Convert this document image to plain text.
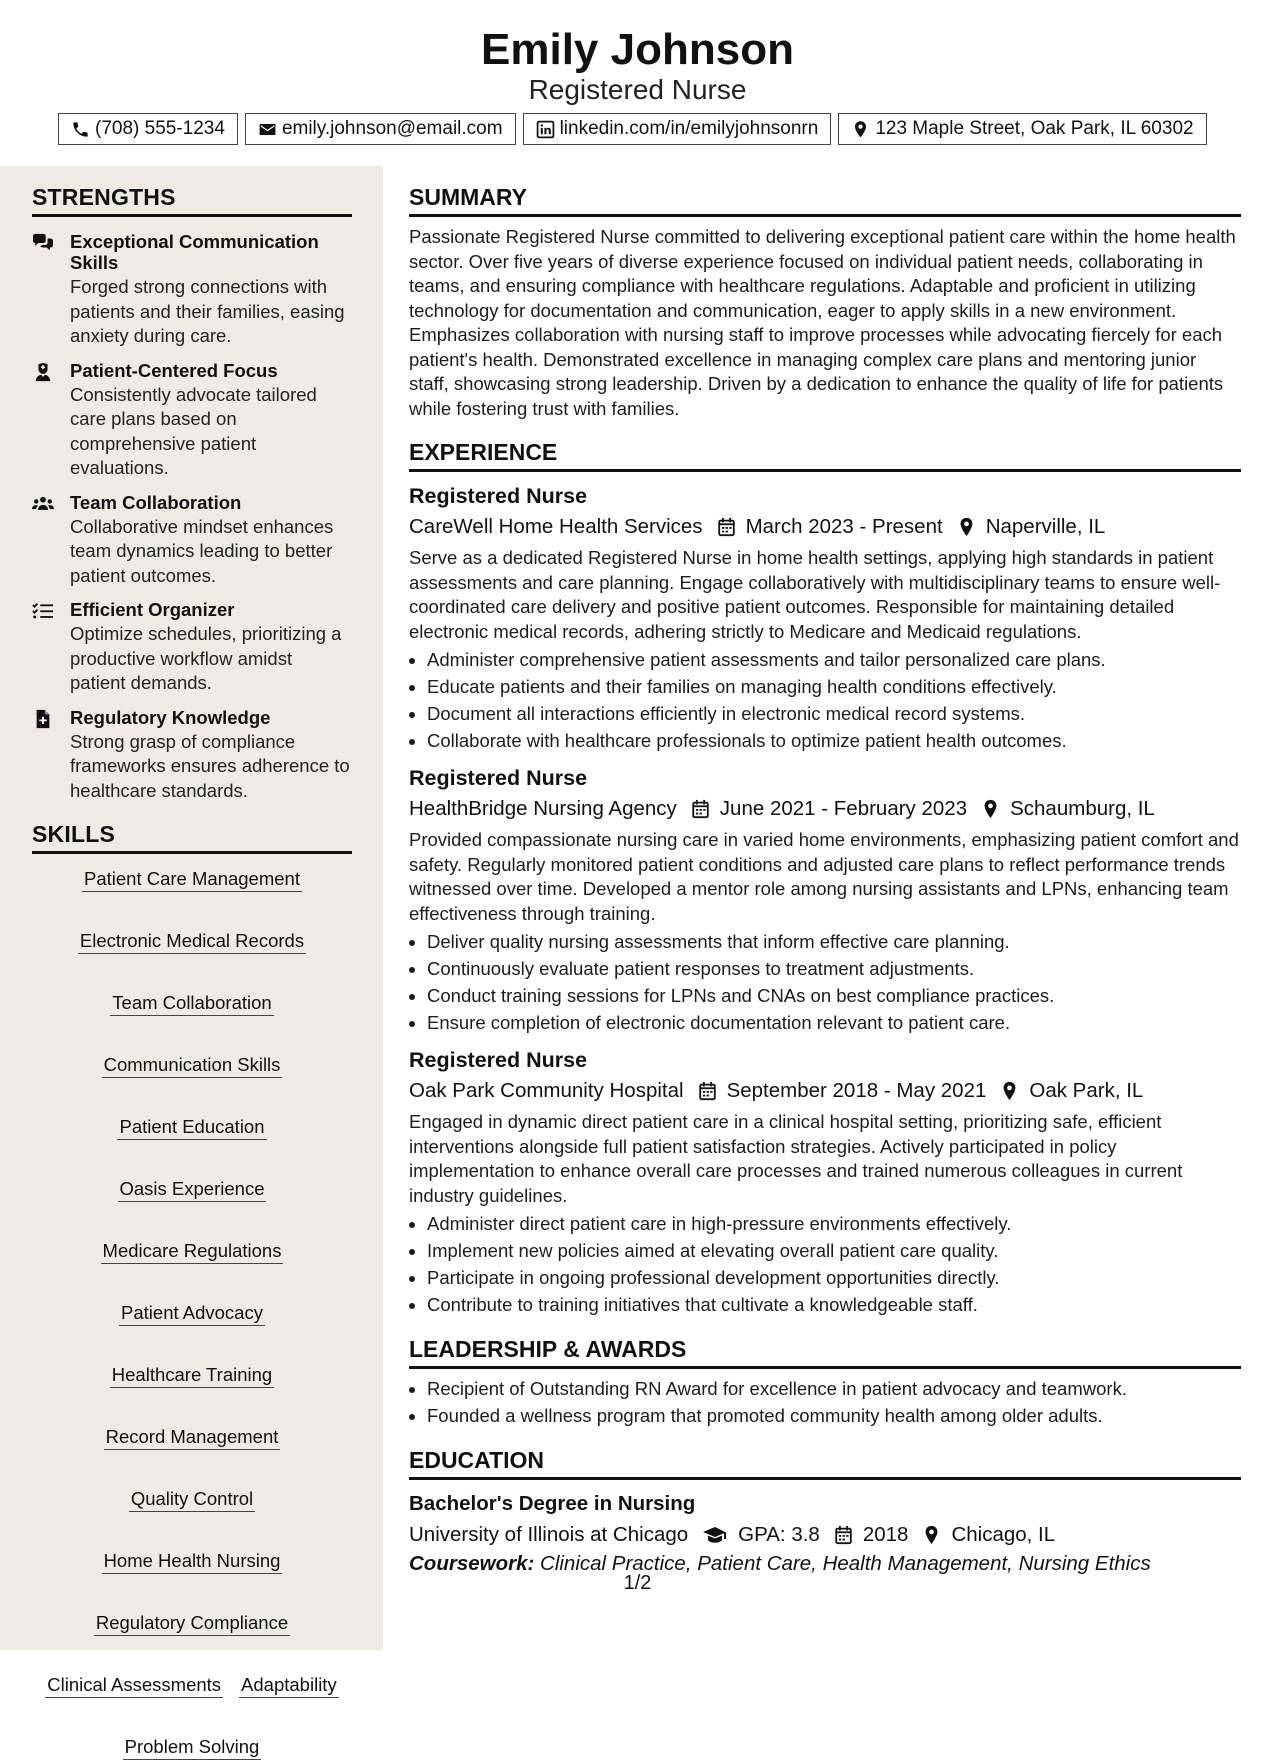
Emily Johnson
Registered Nurse
(708) 555-1234	emily.johnson@email.com	linkedin.com/in/emilyjohnsonrn	123 Maple Street, Oak Park, IL 60302
STRENGTHS
Exceptional Communication Skills
Forged strong connections with patients and their families, easing anxiety during care.
Patient-Centered Focus
Consistently advocate tailored care plans based on comprehensive patient evaluations.
Team Collaboration
Collaborative mindset enhances team dynamics leading to better patient outcomes.
Efficient Organizer
Optimize schedules, prioritizing a productive workflow amidst patient demands.
Regulatory Knowledge
Strong grasp of compliance frameworks ensures adherence to healthcare standards.
SKILLS
Patient Care Management
Electronic Medical Records
Team Collaboration
Communication Skills
Patient Education
Oasis Experience
Medicare Regulations
Patient Advocacy
Healthcare Training
Record Management
Quality Control
Home Health Nursing
Regulatory Compliance
Clinical Assessments Adaptability
Problem Solving
SUMMARY
Passionate Registered Nurse committed to delivering exceptional patient care within the home health sector. Over five years of diverse experience focused on individual patient needs, collaborating in teams, and ensuring compliance with healthcare regulations. Adaptable and proficient in utilizing technology for documentation and communication, eager to apply skills in a new environment. Emphasizes collaboration with nursing staff to improve processes while advocating fiercely for each patient's health. Demonstrated excellence in managing complex care plans and mentoring junior staff, showcasing strong leadership. Driven by a dedication to enhance the quality of life for patients while fostering trust with families.
EXPERIENCE
Registered Nurse
CareWell Home Health Services March 2023 - Present Naperville, IL
Serve as a dedicated Registered Nurse in home health settings, applying high standards in patient assessments and care planning. Engage collaboratively with multidisciplinary teams to ensure well-coordinated care delivery and positive patient outcomes. Responsible for maintaining detailed electronic medical records, adhering strictly to Medicare and Medicaid regulations.
• Administer comprehensive patient assessments and tailor personalized care plans.
• Educate patients and their families on managing health conditions effectively.
• Document all interactions efficiently in electronic medical record systems.
• Collaborate with healthcare professionals to optimize patient health outcomes.
Registered Nurse
HealthBridge Nursing Agency June 2021 - February 2023 Schaumburg, IL
Provided compassionate nursing care in varied home environments, emphasizing patient comfort and safety. Regularly monitored patient conditions and adjusted care plans to reflect performance trends witnessed over time. Developed a mentor role among nursing assistants and LPNs, enhancing team effectiveness through training.
• Deliver quality nursing assessments that inform effective care planning.
• Continuously evaluate patient responses to treatment adjustments.
• Conduct training sessions for LPNs and CNAs on best compliance practices.
• Ensure completion of electronic documentation relevant to patient care.
Registered Nurse
Oak Park Community Hospital September 2018 - May 2021 Oak Park, IL
Engaged in dynamic direct patient care in a clinical hospital setting, prioritizing safe, efficient interventions alongside full patient satisfaction strategies. Actively participated in policy implementation to enhance overall care processes and trained numerous colleagues in current industry guidelines.
• Administer direct patient care in high-pressure environments effectively.
• Implement new policies aimed at elevating overall patient care quality.
• Participate in ongoing professional development opportunities directly.
• Contribute to training initiatives that cultivate a knowledgeable staff.
LEADERSHIP & AWARDS
• Recipient of Outstanding RN Award for excellence in patient advocacy and teamwork.
• Founded a wellness program that promoted community health among older adults.
EDUCATION
Bachelor's Degree in Nursing
University of Illinois at Chicago GPA: 3.8 2018 Chicago, IL
Coursework: Clinical Practice, Patient Care, Health Management, Nursing Ethics
1/2
